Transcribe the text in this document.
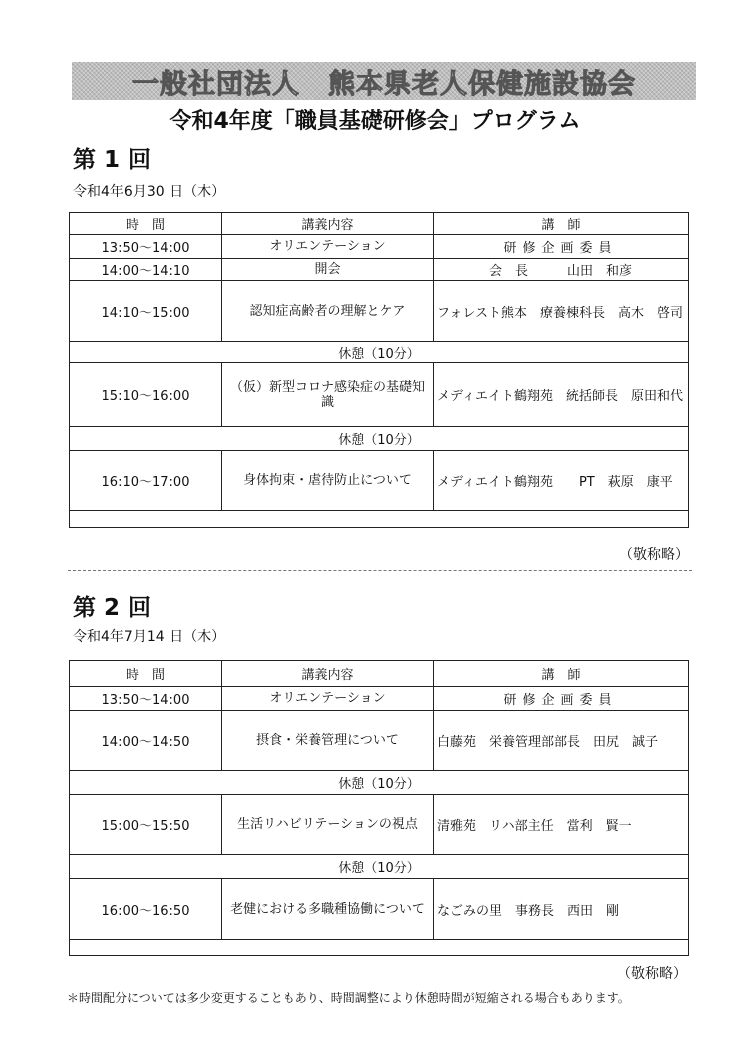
一般社団法人　熊本県老人保健施設協会
令和4年度「職員基礎研修会」プログラム
第 1 回
令和4年6月30 日（木）
時　間	講義内容	講　師
13:50～14:00	オリエンテーション	研修企画委員
14:00～14:10	開会	会　長　　　山田　和彦
14:10～15:00	認知症高齢者の理解とケア	フォレスト熊本　療養棟科長　高木　啓司
休憩（10分）		
15:10～16:00	（仮）新型コロナ感染症の基礎知識	メディエイト鶴翔苑　統括師長　原田和代
休憩（10分）		
16:10～17:00	身体拘束・虐待防止について	メディエイト鶴翔苑　　PT　萩原　康平

（敬称略）
第 2 回
令和4年7月14 日（木）
時　間	講義内容	講　師
13:50～14:00	オリエンテーション	研修企画委員
14:00～14:50	摂食・栄養管理について	白藤苑　栄養管理部部長　田尻　誠子
休憩（10分）		
15:00～15:50	生活リハビリテーションの視点	清雅苑　リハ部主任　當利　賢一
休憩（10分）		
16:00～16:50	老健における多職種協働について	なごみの里　事務長　西田　剛

（敬称略）
＊時間配分については多少変更することもあり、時間調整により休憩時間が短縮される場合もあります。
